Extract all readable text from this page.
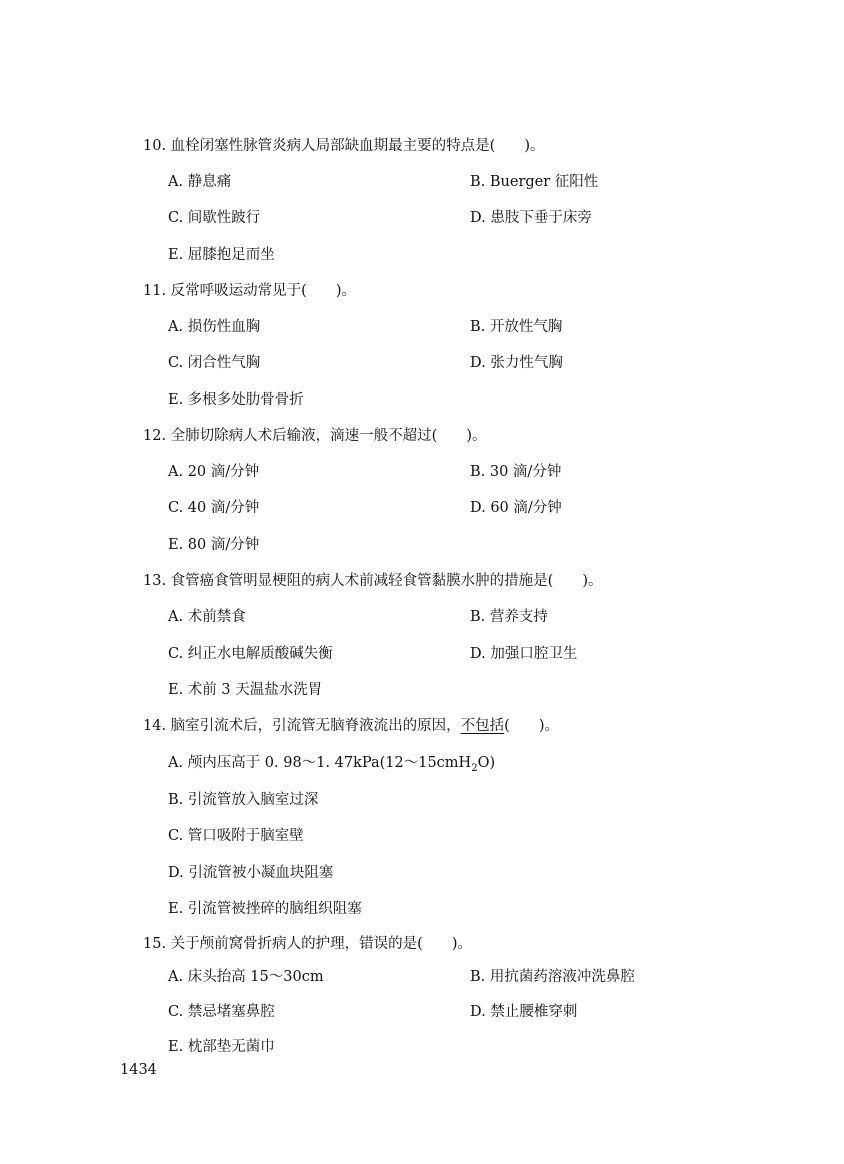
10. 血栓闭塞性脉管炎病人局部缺血期最主要的特点是(　　)。
A. 静息痛	B. Buerger 征阳性
C. 间歇性跛行	D. 患肢下垂于床旁
E. 屈膝抱足而坐
11. 反常呼吸运动常见于(　　)。
A. 损伤性血胸	B. 开放性气胸
C. 闭合性气胸	D. 张力性气胸
E. 多根多处肋骨骨折
12. 全肺切除病人术后输液，滴速一般不超过(　　)。
A. 20 滴/分钟	B. 30 滴/分钟
C. 40 滴/分钟	D. 60 滴/分钟
E. 80 滴/分钟
13. 食管癌食管明显梗阻的病人术前减轻食管黏膜水肿的措施是(　　)。
A. 术前禁食	B. 营养支持
C. 纠正水电解质酸碱失衡	D. 加强口腔卫生
E. 术前 3 天温盐水洗胃
14. 脑室引流术后，引流管无脑脊液流出的原因，不包括(　　)。
A. 颅内压高于 0. 98～1. 47kPa(12～15cmH$_2$O)
B. 引流管放入脑室过深
C. 管口吸附于脑室壁
D. 引流管被小凝血块阻塞
E. 引流管被挫碎的脑组织阻塞
15. 关于颅前窝骨折病人的护理，错误的是(　　)。
A. 床头抬高 15～30cm	B. 用抗菌药溶液冲洗鼻腔
C. 禁忌堵塞鼻腔	D. 禁止腰椎穿刺
E. 枕部垫无菌巾
1434
